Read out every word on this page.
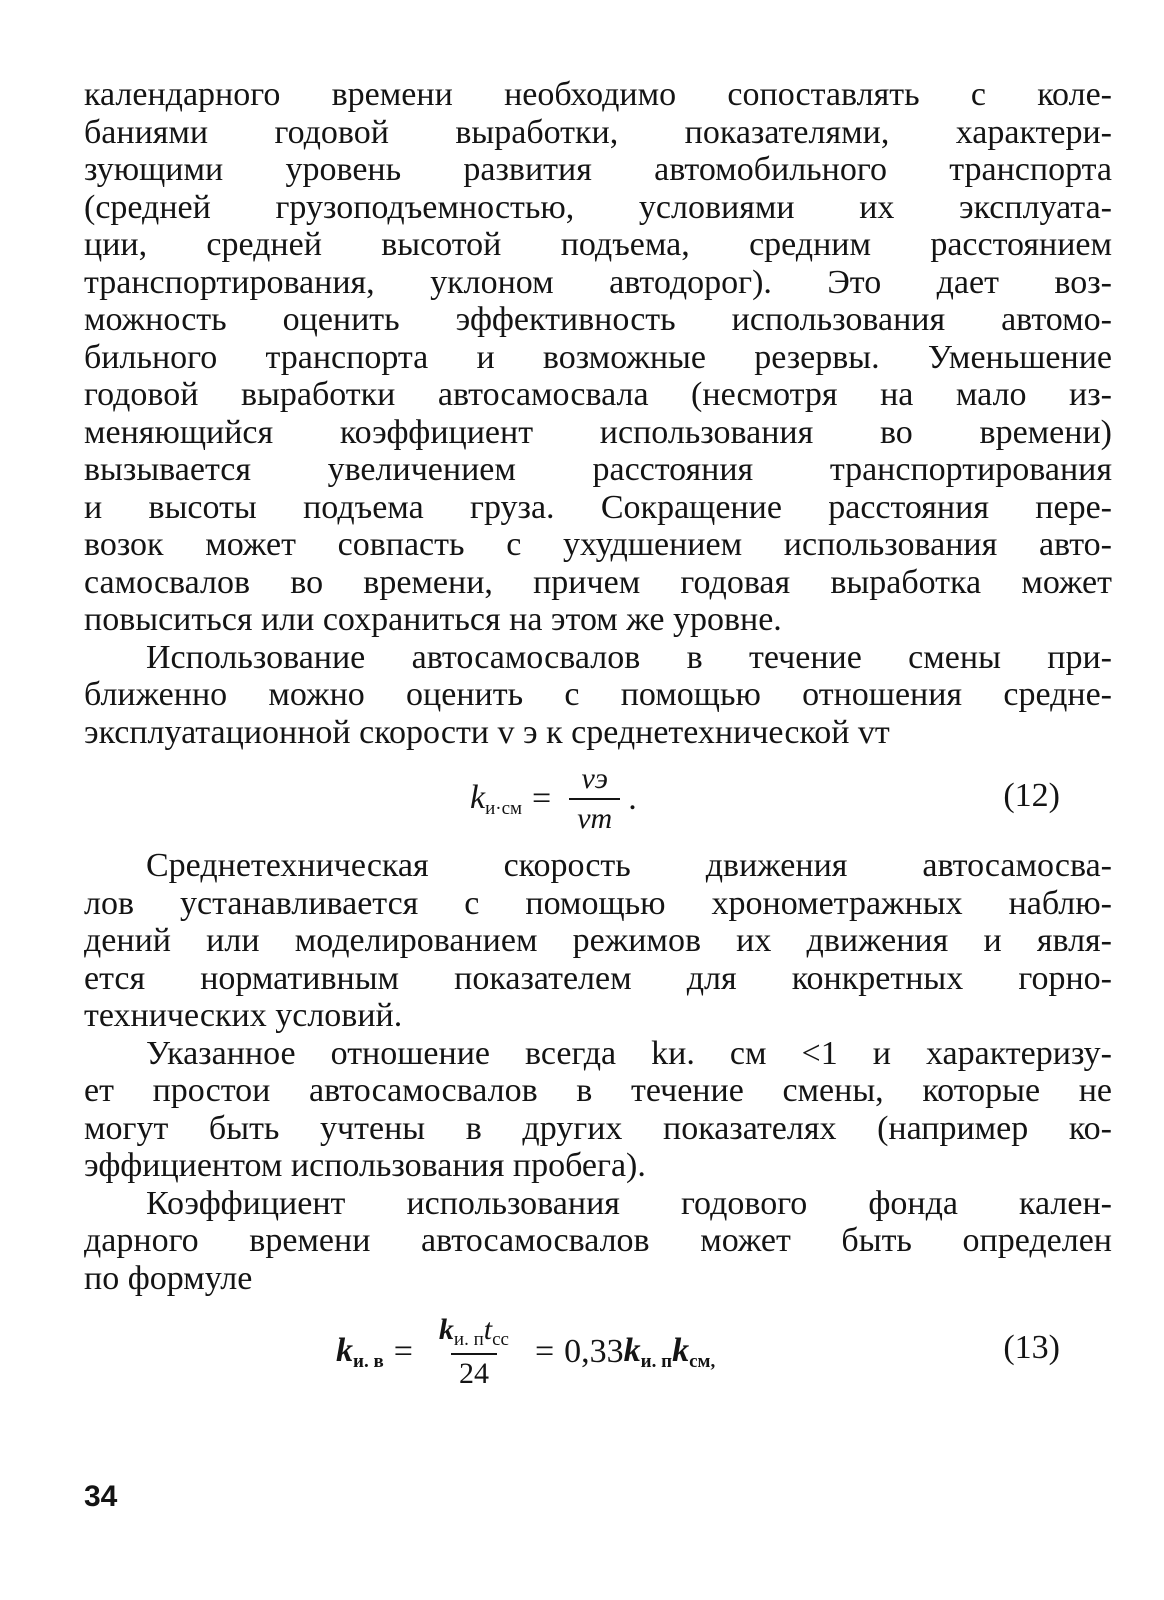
календарного времени необходимо сопоставлять с коле-
баниями годовой выработки, показателями, характери-
зующими уровень развития автомобильного транспорта
(средней грузоподъемностью, условиями их эксплуата-
ции, средней высотой подъема, средним расстоянием
транспортирования, уклоном автодорог). Это дает воз-
можность оценить эффективность использования автомо-
бильного транспорта и возможные резервы. Уменьшение
годовой выработки автосамосвала (несмотря на мало из-
меняющийся коэффициент использования во времени)
вызывается увеличением расстояния транспортирования
и высоты подъема груза. Сокращение расстояния пере-
возок может совпасть с ухудшением использования авто-
самосвалов во времени, причем годовая выработка может
повыситься или сохраниться на этом же уровне.
Использование автосамосвалов в течение смены при-
ближенно можно оценить с помощью отношения средне-
эксплуатационной скорости v э к среднетехнической vт
$k_{и\cdot см} = \frac{vэ}{vт}$ .	(12)
Среднетехническая скорость движения автосамосва-
лов устанавливается с помощью хронометражных наблю-
дений или моделированием режимов их движения и явля-
ется нормативным показателем для конкретных горно-
технических условий.
Указанное отношение всегда kи. см <1 и характеризу-
ет простои автосамосвалов в течение смены, которые не
могут быть учтены в других показателях (например ко-
эффициентом использования пробега).
Коэффициент использования годового фонда кален-
дарного времени автосамосвалов может быть определен
по формуле
$k_{и. в} = \frac{k_{и. п}t_{сс}}{24} = 0,33$ $k_{и. п}$ $k_{см,}$	(13)
34
